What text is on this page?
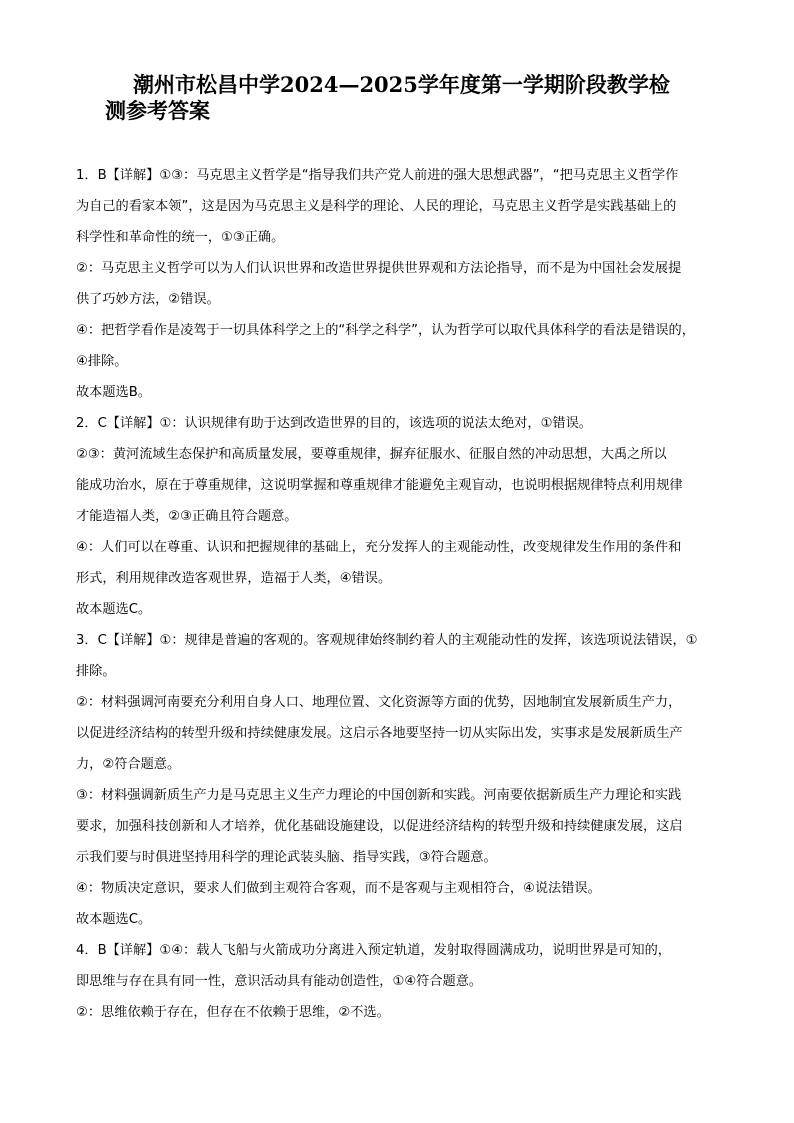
潮州市松昌中学2024—2025学年度第一学期阶段教学检
测参考答案
1．B【详解】①③：马克思主义哲学是“指导我们共产党人前进的强大思想武器”，“把马克思主义哲学作
为自己的看家本领”，这是因为马克思主义是科学的理论、人民的理论，马克思主义哲学是实践基础上的
科学性和革命性的统一，①③正确。
②：马克思主义哲学可以为人们认识世界和改造世界提供世界观和方法论指导，而不是为中国社会发展提
供了巧妙方法，②错误。
④：把哲学看作是凌驾于一切具体科学之上的“科学之科学”，认为哲学可以取代具体科学的看法是错误的，
④排除。
故本题选B。
2．C【详解】①：认识规律有助于达到改造世界的目的，该选项的说法太绝对，①错误。
②③：黄河流域生态保护和高质量发展，要尊重规律，摒弃征服水、征服自然的冲动思想，大禹之所以
能成功治水，原在于尊重规律，这说明掌握和尊重规律才能避免主观盲动，也说明根据规律特点利用规律
才能造福人类，②③正确且符合题意。
④：人们可以在尊重、认识和把握规律的基础上，充分发挥人的主观能动性，改变规律发生作用的条件和
形式，利用规律改造客观世界，造福于人类，④错误。
故本题选C。
3．C【详解】①：规律是普遍的客观的。客观规律始终制约着人的主观能动性的发挥，该选项说法错误，①
排除。
②：材料强调河南要充分利用自身人口、地理位置、文化资源等方面的优势，因地制宜发展新质生产力，
以促进经济结构的转型升级和持续健康发展。这启示各地要坚持一切从实际出发，实事求是发展新质生产
力，②符合题意。
③：材料强调新质生产力是马克思主义生产力理论的中国创新和实践。河南要依据新质生产力理论和实践
要求，加强科技创新和人才培养，优化基础设施建设，以促进经济结构的转型升级和持续健康发展，这启
示我们要与时俱进坚持用科学的理论武装头脑、指导实践，③符合题意。
④：物质决定意识，要求人们做到主观符合客观，而不是客观与主观相符合，④说法错误。
故本题选C。
4．B【详解】①④：载人飞船与火箭成功分离进入预定轨道，发射取得圆满成功，说明世界是可知的，
即思维与存在具有同一性，意识活动具有能动创造性，①④符合题意。
②：思维依赖于存在，但存在不依赖于思维，②不选。
